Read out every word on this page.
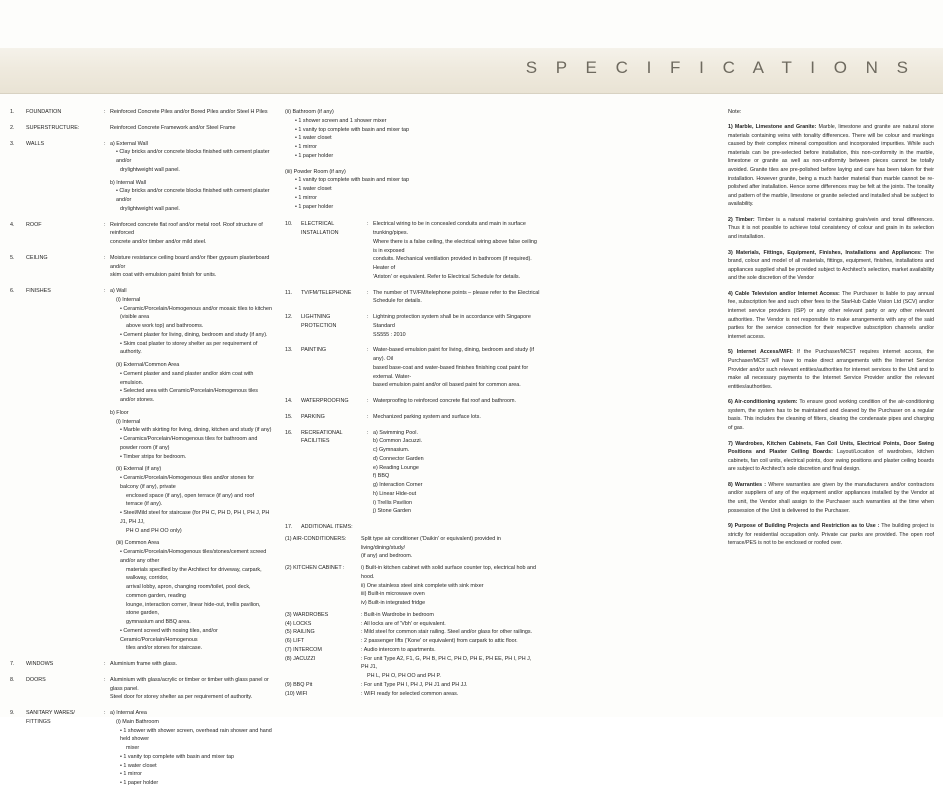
S P E C I F I C A T I O N S
1.	FOUNDATION	: Reinforced Concrete Piles and/or Bored Piles and/or Steel H Piles
2.	SUPERSTRUCTURE:	Reinforced Concrete Framework and/or Steel Frame
3.	WALLS	: a) External Wall
• Clay bricks and/or concrete blocks finished with cement plaster and/or
drylightweight wall panel.
b) Internal Wall
• Clay bricks and/or concrete blocks finished with cement plaster and/or
drylightweight wall panel.
4.	ROOF	: Reinforced concrete flat roof and/or metal roof. Roof structure of reinforced
concrete and/or timber and/or mild steel.
5.	CEILING	: Moisture resistance ceiling board and/or fiber gypsum plasterboard and/or
skim coat with emulsion paint finish for units.
6.	FINISHES	: a) Wall
(i) Internal
• Ceramic/Porcelain/Homogenous and/or mosaic tiles to kitchen (visible area
above work top) and bathrooms.
• Cement plaster for living, dining, bedroom and study (if any).
• Skim coat plaster to storey shelter as per requirement of authority.
(ii) External/Common Area
• Cement plaster and sand plaster and/or skim coat with emulsion.
• Selected area with Ceramic/Porcelain/Homogenous tiles and/or stones.
b) Floor
(i) Internal
• Marble with skirting for living, dining, kitchen and study (if any)
• Ceramics/Porcelain/Homogenous tiles for bathroom and powder room (if any)
• Timber strips for bedroom.
(ii) External (if any)
• Ceramic/Porcelain/Homogenous tiles and/or stones for balcony (if any), private
enclosed space (if any), open terrace (if any) and roof terrace (if any).
• Steel/Mild steel for staircase (for PH C, PH D, PH I, PH J, PH J1, PH JJ,
PH O and PH OO only)
(iii) Common Area
• Ceramic/Porcelain/Homogenous tiles/stones/cement screed and/or any other
materials specified by the Architect for driveway, carpark, walkway, corridor,
arrival lobby, apron, changing room/toilet, pool deck, common garden, reading
lounge, interaction corner, linear hide-out, trellis pavilion, stone garden,
gymnasium and BBQ area.
• Cement screed with nosing tiles, and/or Ceramic/Porcelain/Homogenous
tiles and/or stones for staircase.
7.	WINDOWS	: Aluminium frame with glass.
8.	DOORS	: Aluminium with glass/acrylic or timber or timber with glass panel or glass panel.
Steel door for storey shelter as per requirement of authority.
9.	SANITARY WARES/
FITTINGS
: a) Internal Area
(i) Main Bathroom
• 1 shower with shower screen, overhead rain shower and hand held shower
mixer
• 1 vanity top complete with basin and mixer tap
• 1 water closet
• 1 mirror
• 1 paper holder
(ii) Bathroom (if any)
• 1 shower screen and 1 shower mixer
• 1 vanity top complete with basin and mixer tap
• 1 water closet
• 1 mirror
• 1 paper holder
(iii) Powder Room (if any)
• 1 vanity top complete with basin and mixer tap
• 1 water closet
• 1 mirror
• 1 paper holder
10.	ELECTRICAL
INSTALLATION
: Electrical wiring to be in concealed conduits and main in surface trunking/pipes.
Where there is a false ceiling, the electrical wiring above false ceiling is in exposed
conduits. Mechanical ventilation provided in bathroom (if required). Heater of
'Ariston' or equivalent. Refer to Electrical Schedule for details.
11.	TV/FM/TELEPHONE	: The number of TV/FM/telephone points – please refer to the Electrical
Schedule for details.
12.	LIGHTNING
PROTECTION
: Lightning protection system shall be in accordance with Singapore Standard
SS555 : 2010
13.	PAINTING	: Water-based emulsion paint for living, dining, bedroom and study (if any). Oil
based base-coat and water-based finishes finishing coat paint for external. Water-
based emulsion paint and/or oil based paint for common area.
14.	WATERPROOFING	: Waterproofing to reinforced concrete flat roof and bathroom.
15.	PARKING	: Mechanized parking system and surface lots.
16.	RECREATIONAL
FACILITIES
: a) Swimming Pool.
b) Common Jacuzzi.
c) Gymnasium.
d) Connector Garden
e) Reading Lounge
f) BBQ
g) Interaction Corner
h) Linear Hide-out
i) Trellis Pavilion
j) Stone Garden
17.	ADDITIONAL ITEMS:
(1) AIR-CONDITIONERS:	Split type air conditioner ('Daikin' or equivalent) provided in living/dining/study/
(if any) and bedroom.
(2) KITCHEN CABINET :	i) Built-in kitchen cabinet with solid surface counter top, electrical hob and hood.
ii) One stainless steel sink complete with sink mixer
iii) Built-in microwave oven
iv) Built-in integrated fridge
(3) WARDROBES	: Built-in Wardrobe in bedroom
(4) LOCKS	: All locks are of 'Vbh' or equivalent.
(5) RAILING	: Mild steel for common stair railing. Steel and/or glass for other railings.
(6) LIFT	: 2 passenger lifts ('Kone' or equivalent) from carpark to attic floor.
(7) INTERCOM	: Audio intercom to apartments.
(8) JACUZZI	: For unit Type A2, F1, G, PH B, PH C, PH D, PH E, PH EE, PH I, PH J, PH J1,
PH L, PH O, PH OO and PH P.
(9) BBQ Pit	: For unit Type PH I, PH J, PH J1 and PH JJ.
(10) WIFI	: WIFI ready for selected common areas.
Note:
1) Marble, Limestone and Granite: Marble, limestone and granite are natural stone materials containing veins with tonality differences. There will be colour and markings caused by their complex mineral composition and incorporated impurities. While such materials can be pre-selected before installation, this non-conformity in the marble, limestone or granite as well as non-uniformity between pieces cannot be totally avoided. Granite tiles are pre-polished before laying and care has been taken for their installation. However granite, being a much harder material than marble cannot be re-polished after installation. Hence some differences may be felt at the joints. The tonality and pattern of the marble, limestone or granite selected and installed shall be subject to availability.
2) Timber: Timber is a natural material containing grain/vein and tonal differences. Thus it is not possible to achieve total consistency of colour and grain in its selection and installation.
3) Materials, Fittings, Equipment, Finishes, Installations and Appliances: The brand, colour and model of all materials, fittings, equipment, finishes, installations and appliances supplied shall be provided subject to Architect's selection, market availability and the sole discretion of the Vendor
4) Cable Television and/or Internet Access: The Purchaser is liable to pay annual fee, subscription fee and such other fees to the StarHub Cable Vision Ltd (SCV) and/or internet service providers (ISP) or any other relevant party or any other relevant authorities. The Vendor is not responsible to make arrangements with any of the said parties for the service connection for their respective subscription channels and/or internet access.
5) Internet Access/WIFI: If the Purchaser/MCST requires internet access, the Purchaser/MCST will have to make direct arrangements with the Internet Service Provider and/or such relevant entities/authorities for internet services to the Unit and to make all necessary payments to the Internet Service Provider and/or the relevant entities/authorities.
6) Air-conditioning system: To ensure good working condition of the air-conditioning system, the system has to be maintained and cleaned by the Purchaser on a regular basis. This includes the cleaning of filters, clearing the condensate pipes and charging of gas.
7) Wardrobes, Kitchen Cabinets, Fan Coil Units, Electrical Points, Door Swing Positions and Plaster Ceiling Boards: Layout/Location of wardrobes, kitchen cabinets, fan coil units, electrical points, door swing positions and plaster ceiling boards are subject to Architect's sole discretion and final design.
8) Warranties : Where warranties are given by the manufacturers and/or contractors and/or suppliers of any of the equipment and/or appliances installed by the Vendor at the unit, the Vendor shall assign to the Purchaser such warranties at the time when possession of the Unit is delivered to the Purchaser.
9) Purpose of Building Projects and Restriction as to Use : The building project is strictly for residential occupation only. Private car parks are provided. The open roof terrace/PES is not to be enclosed or roofed over.
